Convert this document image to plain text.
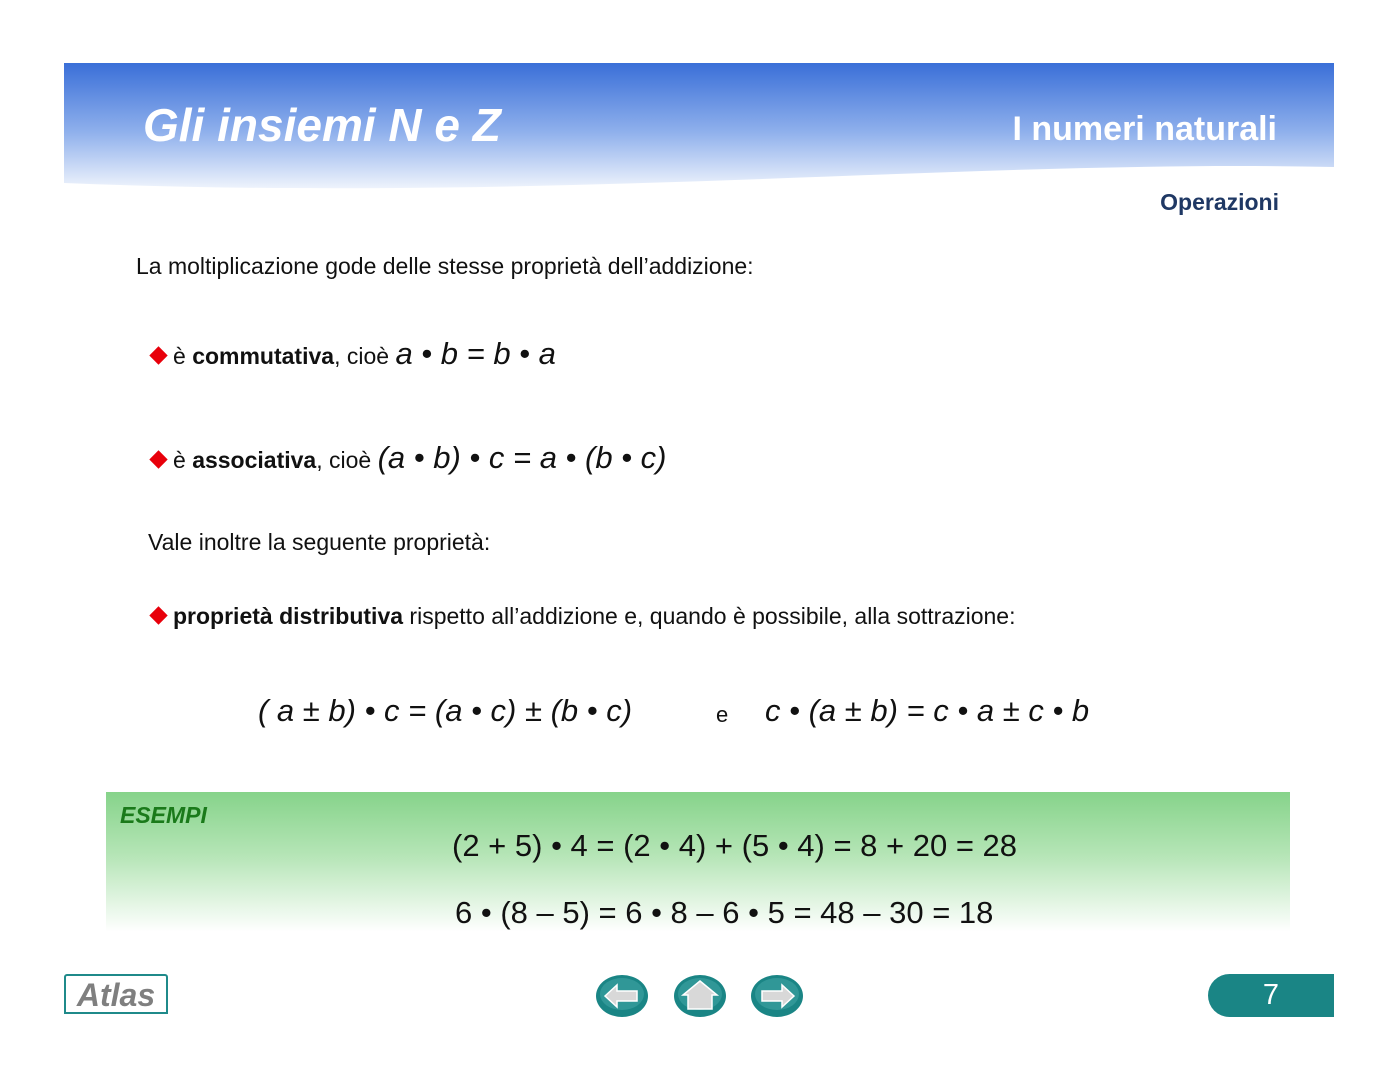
Gli insiemi N e Z	I numeri naturali
Operazioni
La moltiplicazione gode delle stesse proprietà dell’addizione:
è commutativa, cioè a • b = b • a
è associativa, cioè (a • b) • c = a • (b • c)
Vale inoltre la seguente proprietà:
proprietà distributiva rispetto all’addizione e, quando è possibile, alla sottrazione:
( a ± b) • c = (a • c) ± (b • c)	e c • (a ± b) = c • a ± c • b
ESEMPI
(2 + 5) • 4 = (2 • 4) + (5 • 4) = 8 + 20 = 28
6 • (8 – 5) = 6 • 8 – 6 • 5 = 48 – 30 = 18
Atlas	7
